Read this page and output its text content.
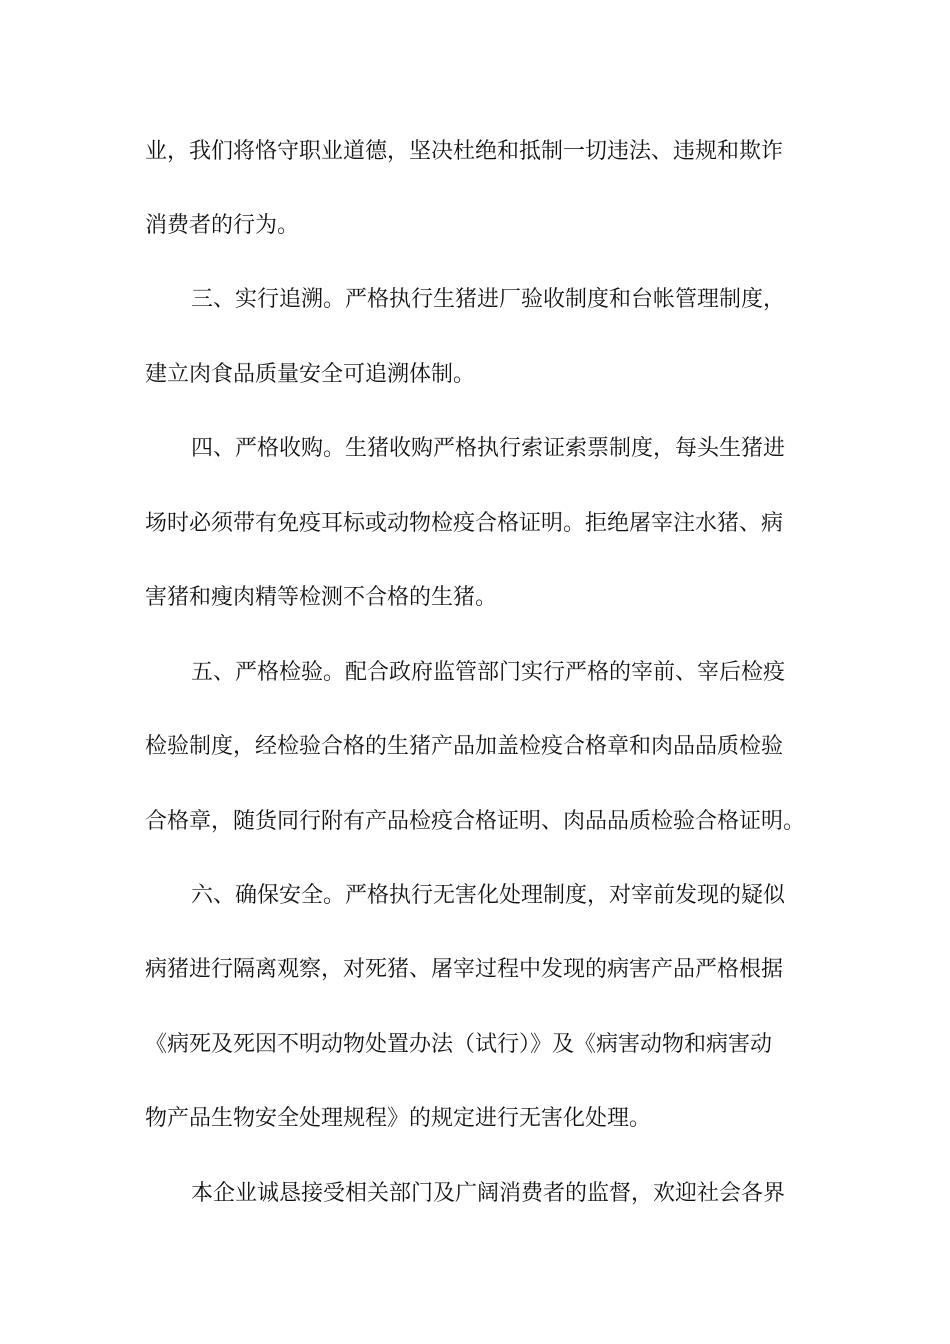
业，我们将恪守职业道德，坚决杜绝和抵制一切违法、违规和欺诈
消费者的行为。
三、实行追溯。严格执行生猪进厂验收制度和台帐管理制度，
建立肉食品质量安全可追溯体制。
四、严格收购。生猪收购严格执行索证索票制度，每头生猪进
场时必须带有免疫耳标或动物检疫合格证明。拒绝屠宰注水猪、病
害猪和瘦肉精等检测不合格的生猪。
五、严格检验。配合政府监管部门实行严格的宰前、宰后检疫
检验制度，经检验合格的生猪产品加盖检疫合格章和肉品品质检验
合格章，随货同行附有产品检疫合格证明、肉品品质检验合格证明。
六、确保安全。严格执行无害化处理制度，对宰前发现的疑似
病猪进行隔离观察，对死猪、屠宰过程中发现的病害产品严格根据
《病死及死因不明动物处置办法（试行）》及《病害动物和病害动
物产品生物安全处理规程》的规定进行无害化处理。
本企业诚恳接受相关部门及广阔消费者的监督，欢迎社会各界
